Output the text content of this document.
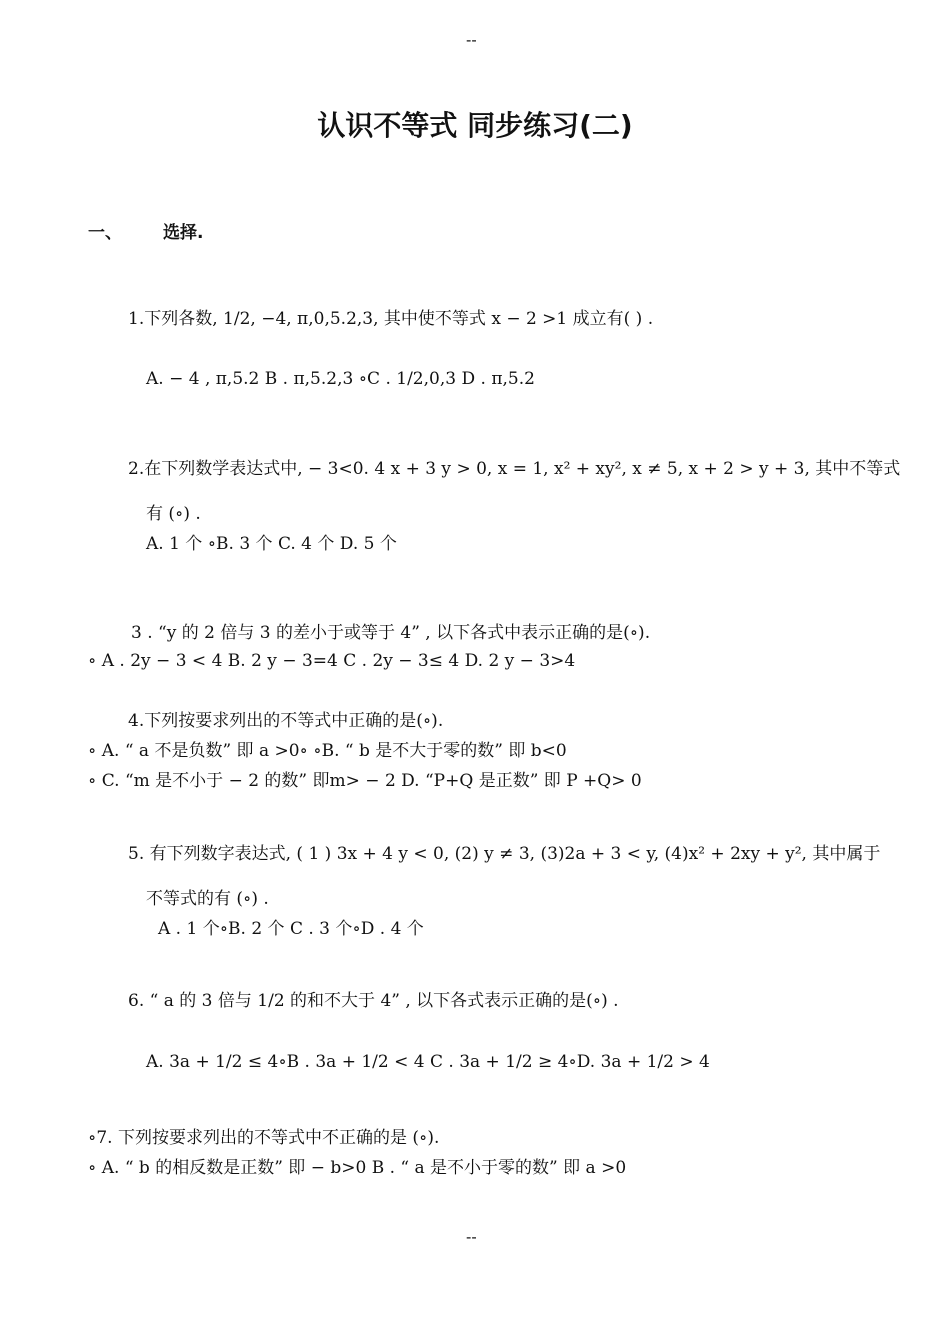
--
认识不等式 同步练习(二)
一、 选择.
1.下列各数, 1/2, −4, π,0,5.2,3, 其中使不等式 x − 2 >1 成立有( ) .
A. − 4 , π,5.2 B . π,5.2,3 ∘C . 1/2,0,3 D . π,5.2
2.在下列数学表达式中, − 3<0. 4 x + 3 y > 0, x = 1, x² + xy², x ≠ 5, x + 2 > y + 3, 其中不等式
有 (∘) .
A. 1 个 ∘B. 3 个 C. 4 个 D. 5 个
3 . “y 的 2 倍与 3 的差小于或等于 4” , 以下各式中表示正确的是(∘).
∘ A . 2y − 3 < 4 B. 2 y − 3=4 C . 2y − 3≤ 4 D. 2 y − 3>4
4.下列按要求列出的不等式中正确的是(∘).
∘ A. “ a 不是负数” 即 a >0∘ ∘B. “ b 是不大于零的数” 即 b<0
∘ C. “m 是不小于 − 2 的数” 即m> − 2 D. “P+Q 是正数” 即 P +Q> 0
5. 有下列数字表达式, ( 1 ) 3x + 4 y < 0, (2) y ≠ 3, (3)2a + 3 < y, (4)x² + 2xy + y², 其中属于
不等式的有 (∘) .
A . 1 个∘B. 2 个 C . 3 个∘D . 4 个
6. “ a 的 3 倍与 1/2 的和不大于 4” , 以下各式表示正确的是(∘) .
A. 3a + 1/2 ≤ 4∘B . 3a + 1/2 < 4 C . 3a + 1/2 ≥ 4∘D. 3a + 1/2 > 4
∘7. 下列按要求列出的不等式中不正确的是 (∘).
∘ A. “ b 的相反数是正数” 即 − b>0 B . “ a 是不小于零的数” 即 a >0
--
